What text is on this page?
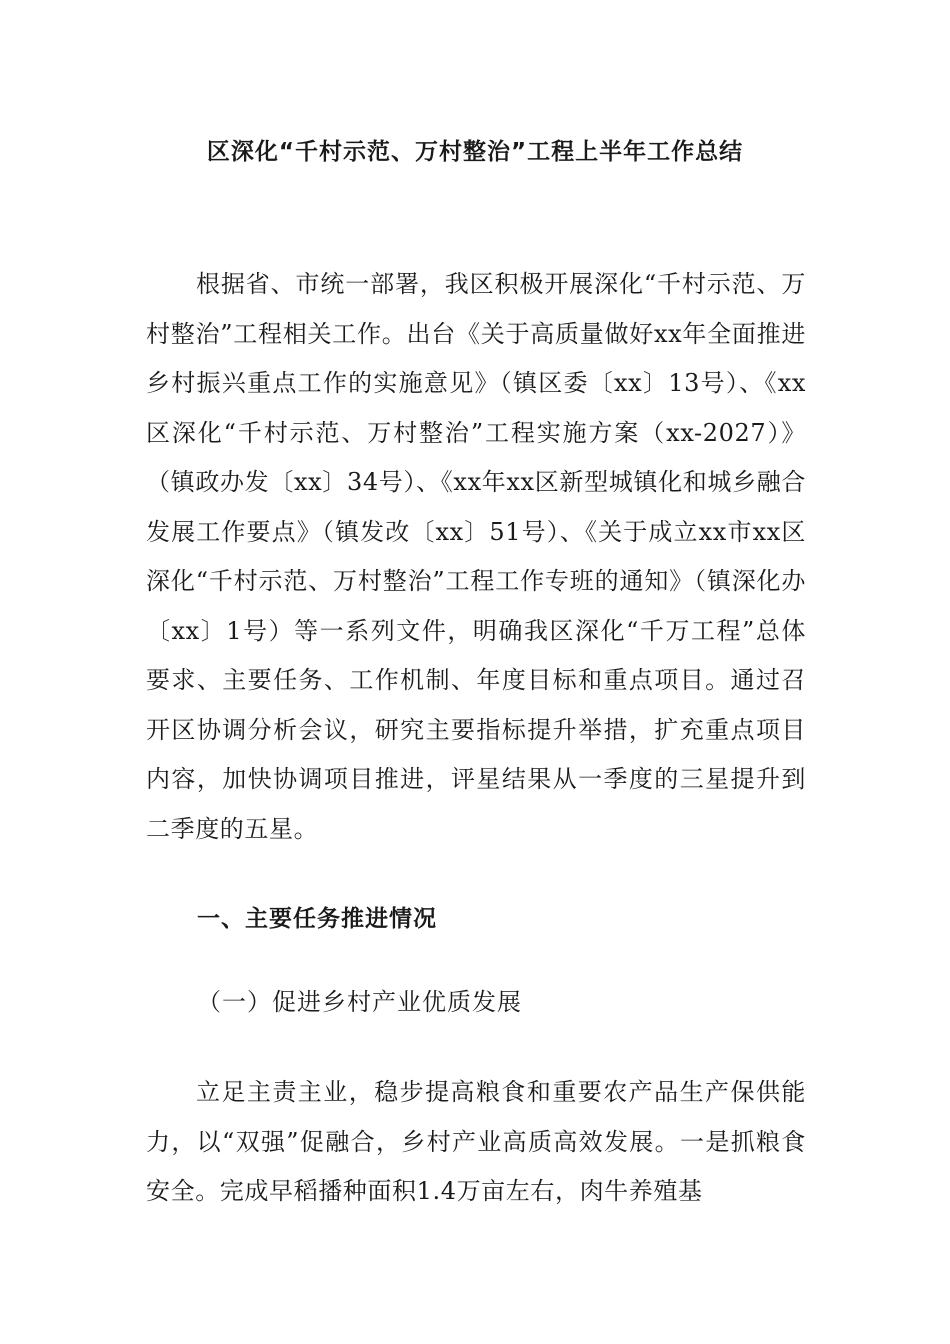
区深化“千村示范、万村整治”工程上半年工作总结

根据省、市统一部署，我区积极开展深化“千村示范、万村整治”工程相关工作。出台《关于高质量做好xx年全面推进乡村振兴重点工作的实施意见》（镇区委〔xx〕13号）、《xx区深化“千村示范、万村整治”工程实施方案（xx-2027）》（镇政办发〔xx〕34号）、《xx年xx区新型城镇化和城乡融合发展工作要点》（镇发改〔xx〕51号）、《关于成立xx市xx区深化“千村示范、万村整治”工程工作专班的通知》（镇深化办〔xx〕1号）等一系列文件，明确我区深化“千万工程”总体要求、主要任务、工作机制、年度目标和重点项目。通过召开区协调分析会议，研究主要指标提升举措，扩充重点项目内容，加快协调项目推进，评星结果从一季度的三星提升到二季度的五星。

一、主要任务推进情况
（一）促进乡村产业优质发展

立足主责主业，稳步提高粮食和重要农产品生产保供能力，以“双强”促融合，乡村产业高质高效发展。一是抓粮食安全。完成早稻播种面积1.4万亩左右，肉牛养殖基
